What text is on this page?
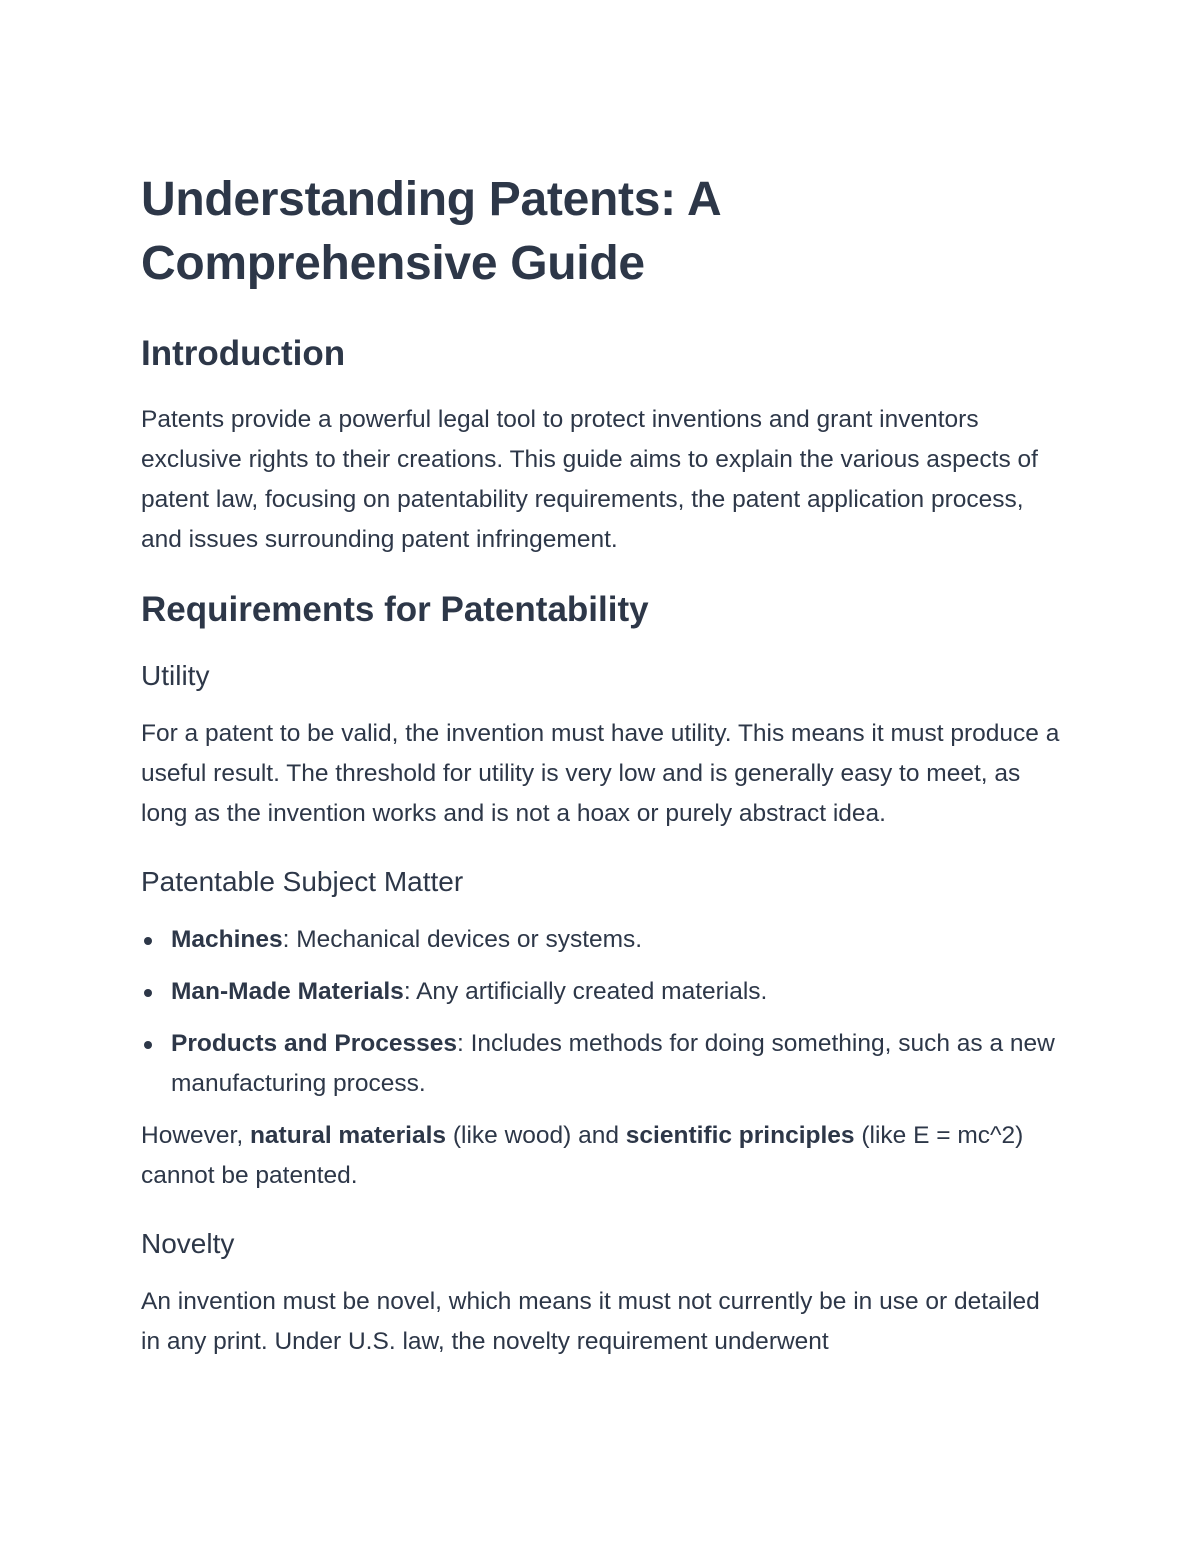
Understanding Patents: A Comprehensive Guide
Introduction

Patents provide a powerful legal tool to protect inventions and grant inventors exclusive rights to their creations. This guide aims to explain the various aspects of patent law, focusing on patentability requirements, the patent application process, and issues surrounding patent infringement.

Requirements for Patentability
Utility

For a patent to be valid, the invention must have utility. This means it must produce a useful result. The threshold for utility is very low and is generally easy to meet, as long as the invention works and is not a hoax or purely abstract idea.

Patentable Subject Matter
Machines: Mechanical devices or systems.
Man-Made Materials: Any artificially created materials.
Products and Processes: Includes methods for doing something, such as a new manufacturing process.

However, natural materials (like wood) and scientific principles (like E = mc^2) cannot be patented.

Novelty

An invention must be novel, which means it must not currently be in use or detailed in any print. Under U.S. law, the novelty requirement underwent
